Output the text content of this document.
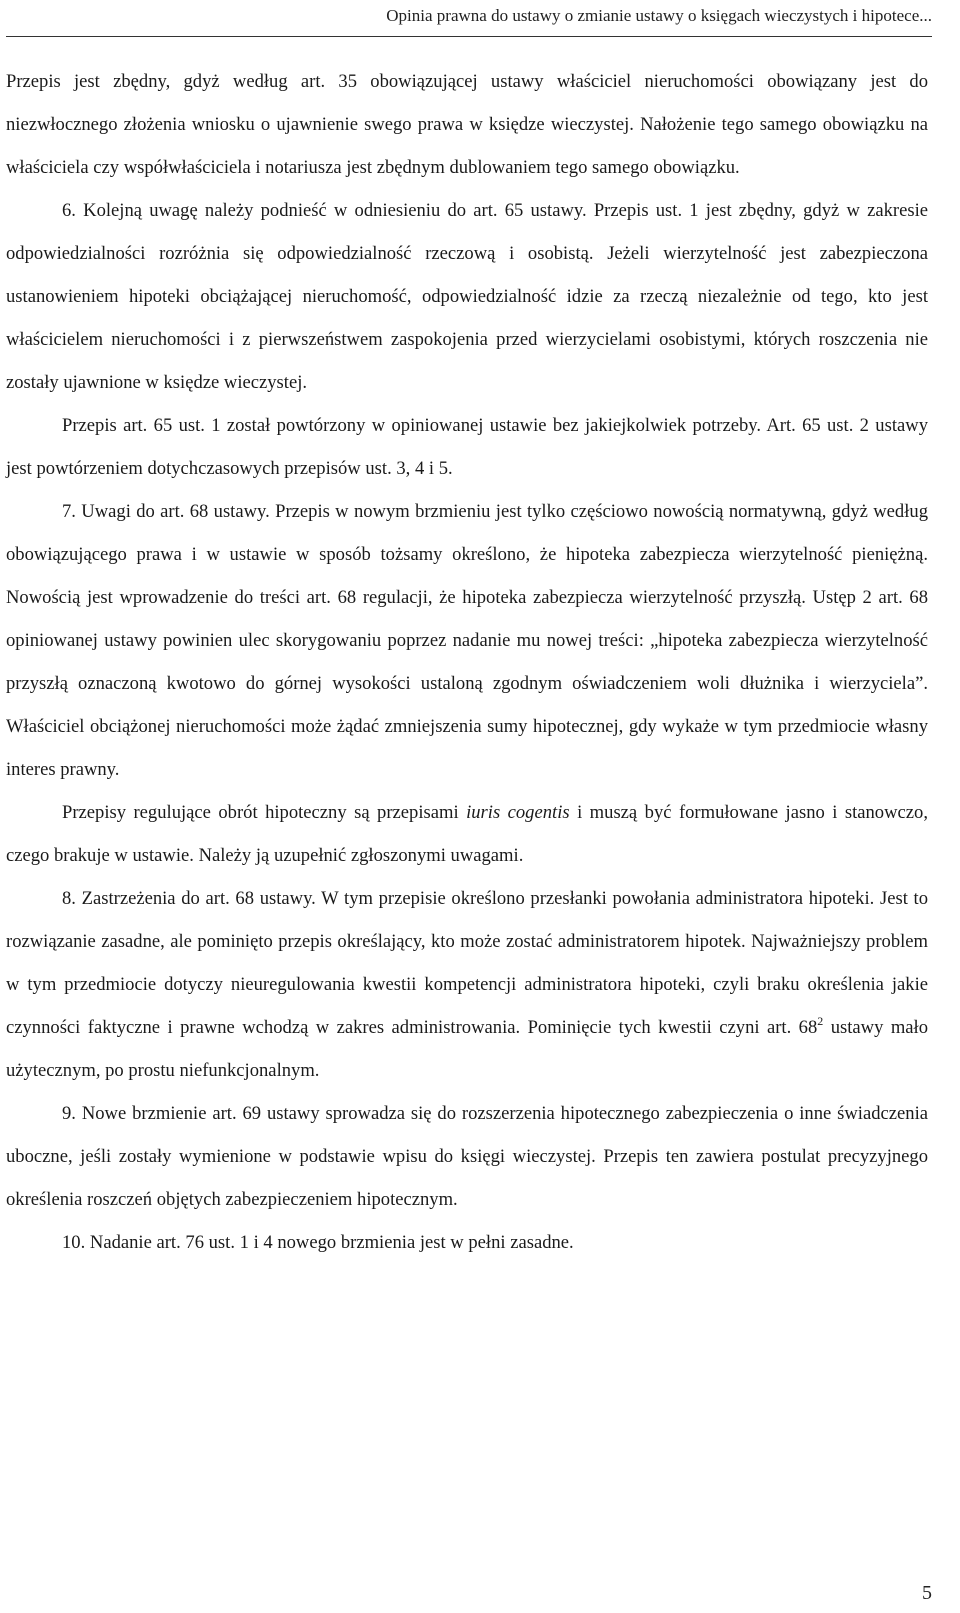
Opinia prawna do ustawy o zmianie ustawy o księgach wieczystych i hipotece...

Przepis jest zbędny, gdyż według art. 35 obowiązującej ustawy właściciel nieruchomości obowiązany jest do niezwłocznego złożenia wniosku o ujawnienie swego prawa w księdze wieczystej. Nałożenie tego samego obowiązku na właściciela czy współwłaściciela i notariusza jest zbędnym dublowaniem tego samego obowiązku.

6. Kolejną uwagę należy podnieść w odniesieniu do art. 65 ustawy. Przepis ust. 1 jest zbędny, gdyż w zakresie odpowiedzialności rozróżnia się odpowiedzialność rzeczową i osobistą. Jeżeli wierzytelność jest zabezpieczona ustanowieniem hipoteki obciążającej nieruchomość, odpowiedzialność idzie za rzeczą niezależnie od tego, kto jest właścicielem nieruchomości i z pierwszeństwem zaspokojenia przed wierzycielami osobistymi, których roszczenia nie zostały ujawnione w księdze wieczystej.

Przepis art. 65 ust. 1 został powtórzony w opiniowanej ustawie bez jakiejkolwiek potrzeby. Art. 65 ust. 2 ustawy jest powtórzeniem dotychczasowych przepisów ust. 3, 4 i 5.

7. Uwagi do art. 68 ustawy. Przepis w nowym brzmieniu jest tylko częściowo nowością normatywną, gdyż według obowiązującego prawa i w ustawie w sposób tożsamy określono, że hipoteka zabezpiecza wierzytelność pieniężną. Nowością jest wprowadzenie do treści art. 68 regulacji, że hipoteka zabezpiecza wierzytelność przyszłą. Ustęp 2 art. 68 opiniowanej ustawy powinien ulec skorygowaniu poprzez nadanie mu nowej treści: „hipoteka zabezpiecza wierzytelność przyszłą oznaczoną kwotowo do górnej wysokości ustaloną zgodnym oświadczeniem woli dłużnika i wierzyciela”. Właściciel obciążonej nieruchomości może żądać zmniejszenia sumy hipotecznej, gdy wykaże w tym przedmiocie własny interes prawny.

Przepisy regulujące obrót hipoteczny są przepisami iuris cogentis i muszą być formułowane jasno i stanowczo, czego brakuje w ustawie. Należy ją uzupełnić zgłoszonymi uwagami.

8. Zastrzeżenia do art. 68 ustawy. W tym przepisie określono przesłanki powołania administratora hipoteki. Jest to rozwiązanie zasadne, ale pominięto przepis określający, kto może zostać administratorem hipotek. Najważniejszy problem w tym przedmiocie dotyczy nieuregulowania kwestii kompetencji administratora hipoteki, czyli braku określenia jakie czynności faktyczne i prawne wchodzą w zakres administrowania. Pominięcie tych kwestii czyni art. $68^2$ ustawy mało użytecznym, po prostu niefunkcjonalnym.

9. Nowe brzmienie art. 69 ustawy sprowadza się do rozszerzenia hipotecznego zabezpieczenia o inne świadczenia uboczne, jeśli zostały wymienione w podstawie wpisu do księgi wieczystej. Przepis ten zawiera postulat precyzyjnego określenia roszczeń objętych zabezpieczeniem hipotecznym.

10. Nadanie art. 76 ust. 1 i 4 nowego brzmienia jest w pełni zasadne.

5
